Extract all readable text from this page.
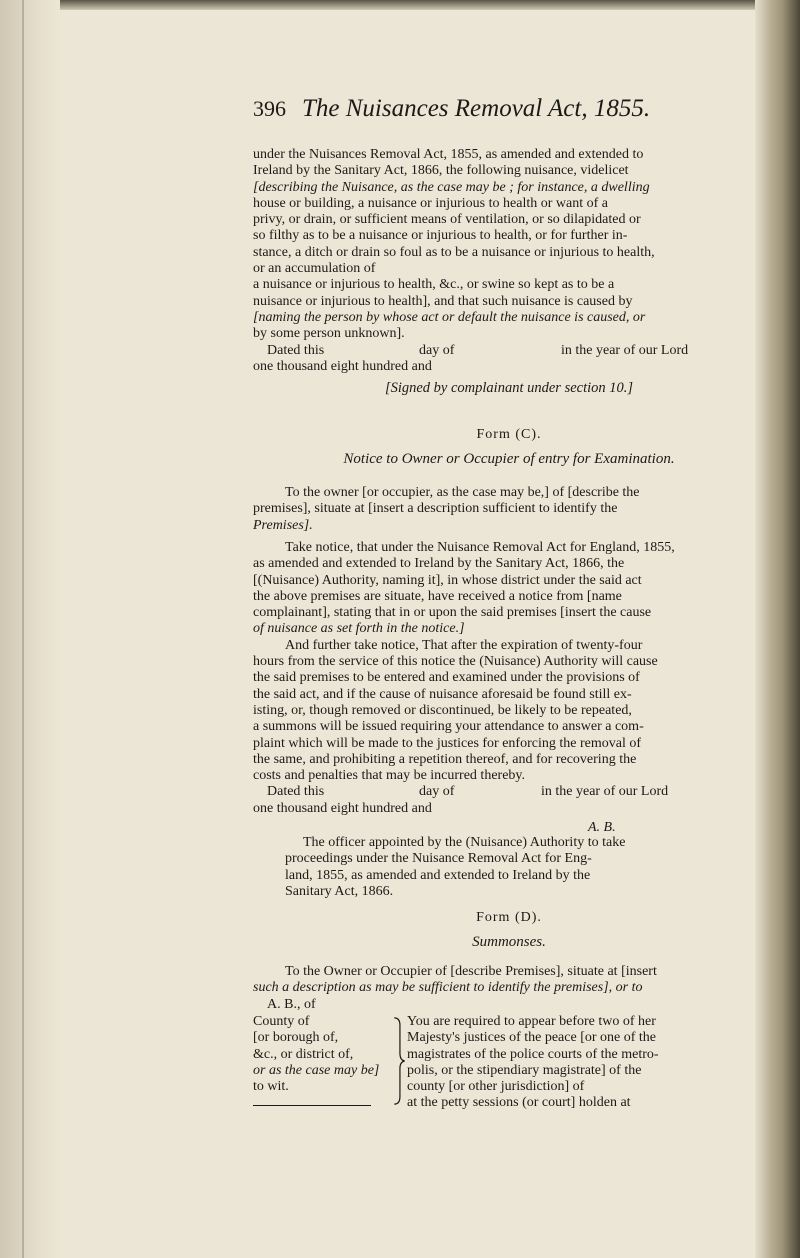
396 The Nuisances Removal Act, 1855.
under the Nuisances Removal Act, 1855, as amended and extended to
Ireland by the Sanitary Act, 1866, the following nuisance, videlicet
[describing the Nuisance, as the case may be ; for instance, a dwelling
house or building, a nuisance or injurious to health or want of a
privy, or drain, or sufficient means of ventilation, or so dilapidated or
so filthy as to be a nuisance or injurious to health, or for further in-
stance, a ditch or drain so foul as to be a nuisance or injurious to health,
or an accumulation of
a nuisance or injurious to health, &c., or swine so kept as to be a
nuisance or injurious to health], and that such nuisance is caused by
[naming the person by whose act or default the nuisance is caused, or
by some person unknown].
Dated this	day of	in the year of our Lord
one thousand eight hundred and
[Signed by complainant under section 10.]
Form (C).
Notice to Owner or Occupier of entry for Examination.
To the owner [or occupier, as the case may be,] of [describe the
premises], situate at [insert a description sufficient to identify the
Premises].
Take notice, that under the Nuisance Removal Act for England, 1855,
as amended and extended to Ireland by the Sanitary Act, 1866, the
[(Nuisance) Authority, naming it], in whose district under the said act
the above premises are situate, have received a notice from [name
complainant], stating that in or upon the said premises [insert the cause
of nuisance as set forth in the notice.]
And further take notice, That after the expiration of twenty-four
hours from the service of this notice the (Nuisance) Authority will cause
the said premises to be entered and examined under the provisions of
the said act, and if the cause of nuisance aforesaid be found still ex-
isting, or, though removed or discontinued, be likely to be repeated,
a summons will be issued requiring your attendance to answer a com-
plaint which will be made to the justices for enforcing the removal of
the same, and prohibiting a repetition thereof, and for recovering the
costs and penalties that may be incurred thereby.
Dated this	day of	in the year of our Lord
one thousand eight hundred and
A. B.
The officer appointed by the (Nuisance) Authority to take
proceedings under the Nuisance Removal Act for Eng-
land, 1855, as amended and extended to Ireland by the
Sanitary Act, 1866.
Form (D).
Summonses.
To the Owner or Occupier of [describe Premises], situate at [insert
such a description as may be sufficient to identify the premises], or to
A. B., of
County of
[or borough of,
&c., or district of,
or as the case may be]
to wit.
You are required to appear before two of her
Majesty's justices of the peace [or one of the
magistrates of the police courts of the metro-
polis, or the stipendiary magistrate] of the
county [or other jurisdiction] of
at the petty sessions (or court] holden at
